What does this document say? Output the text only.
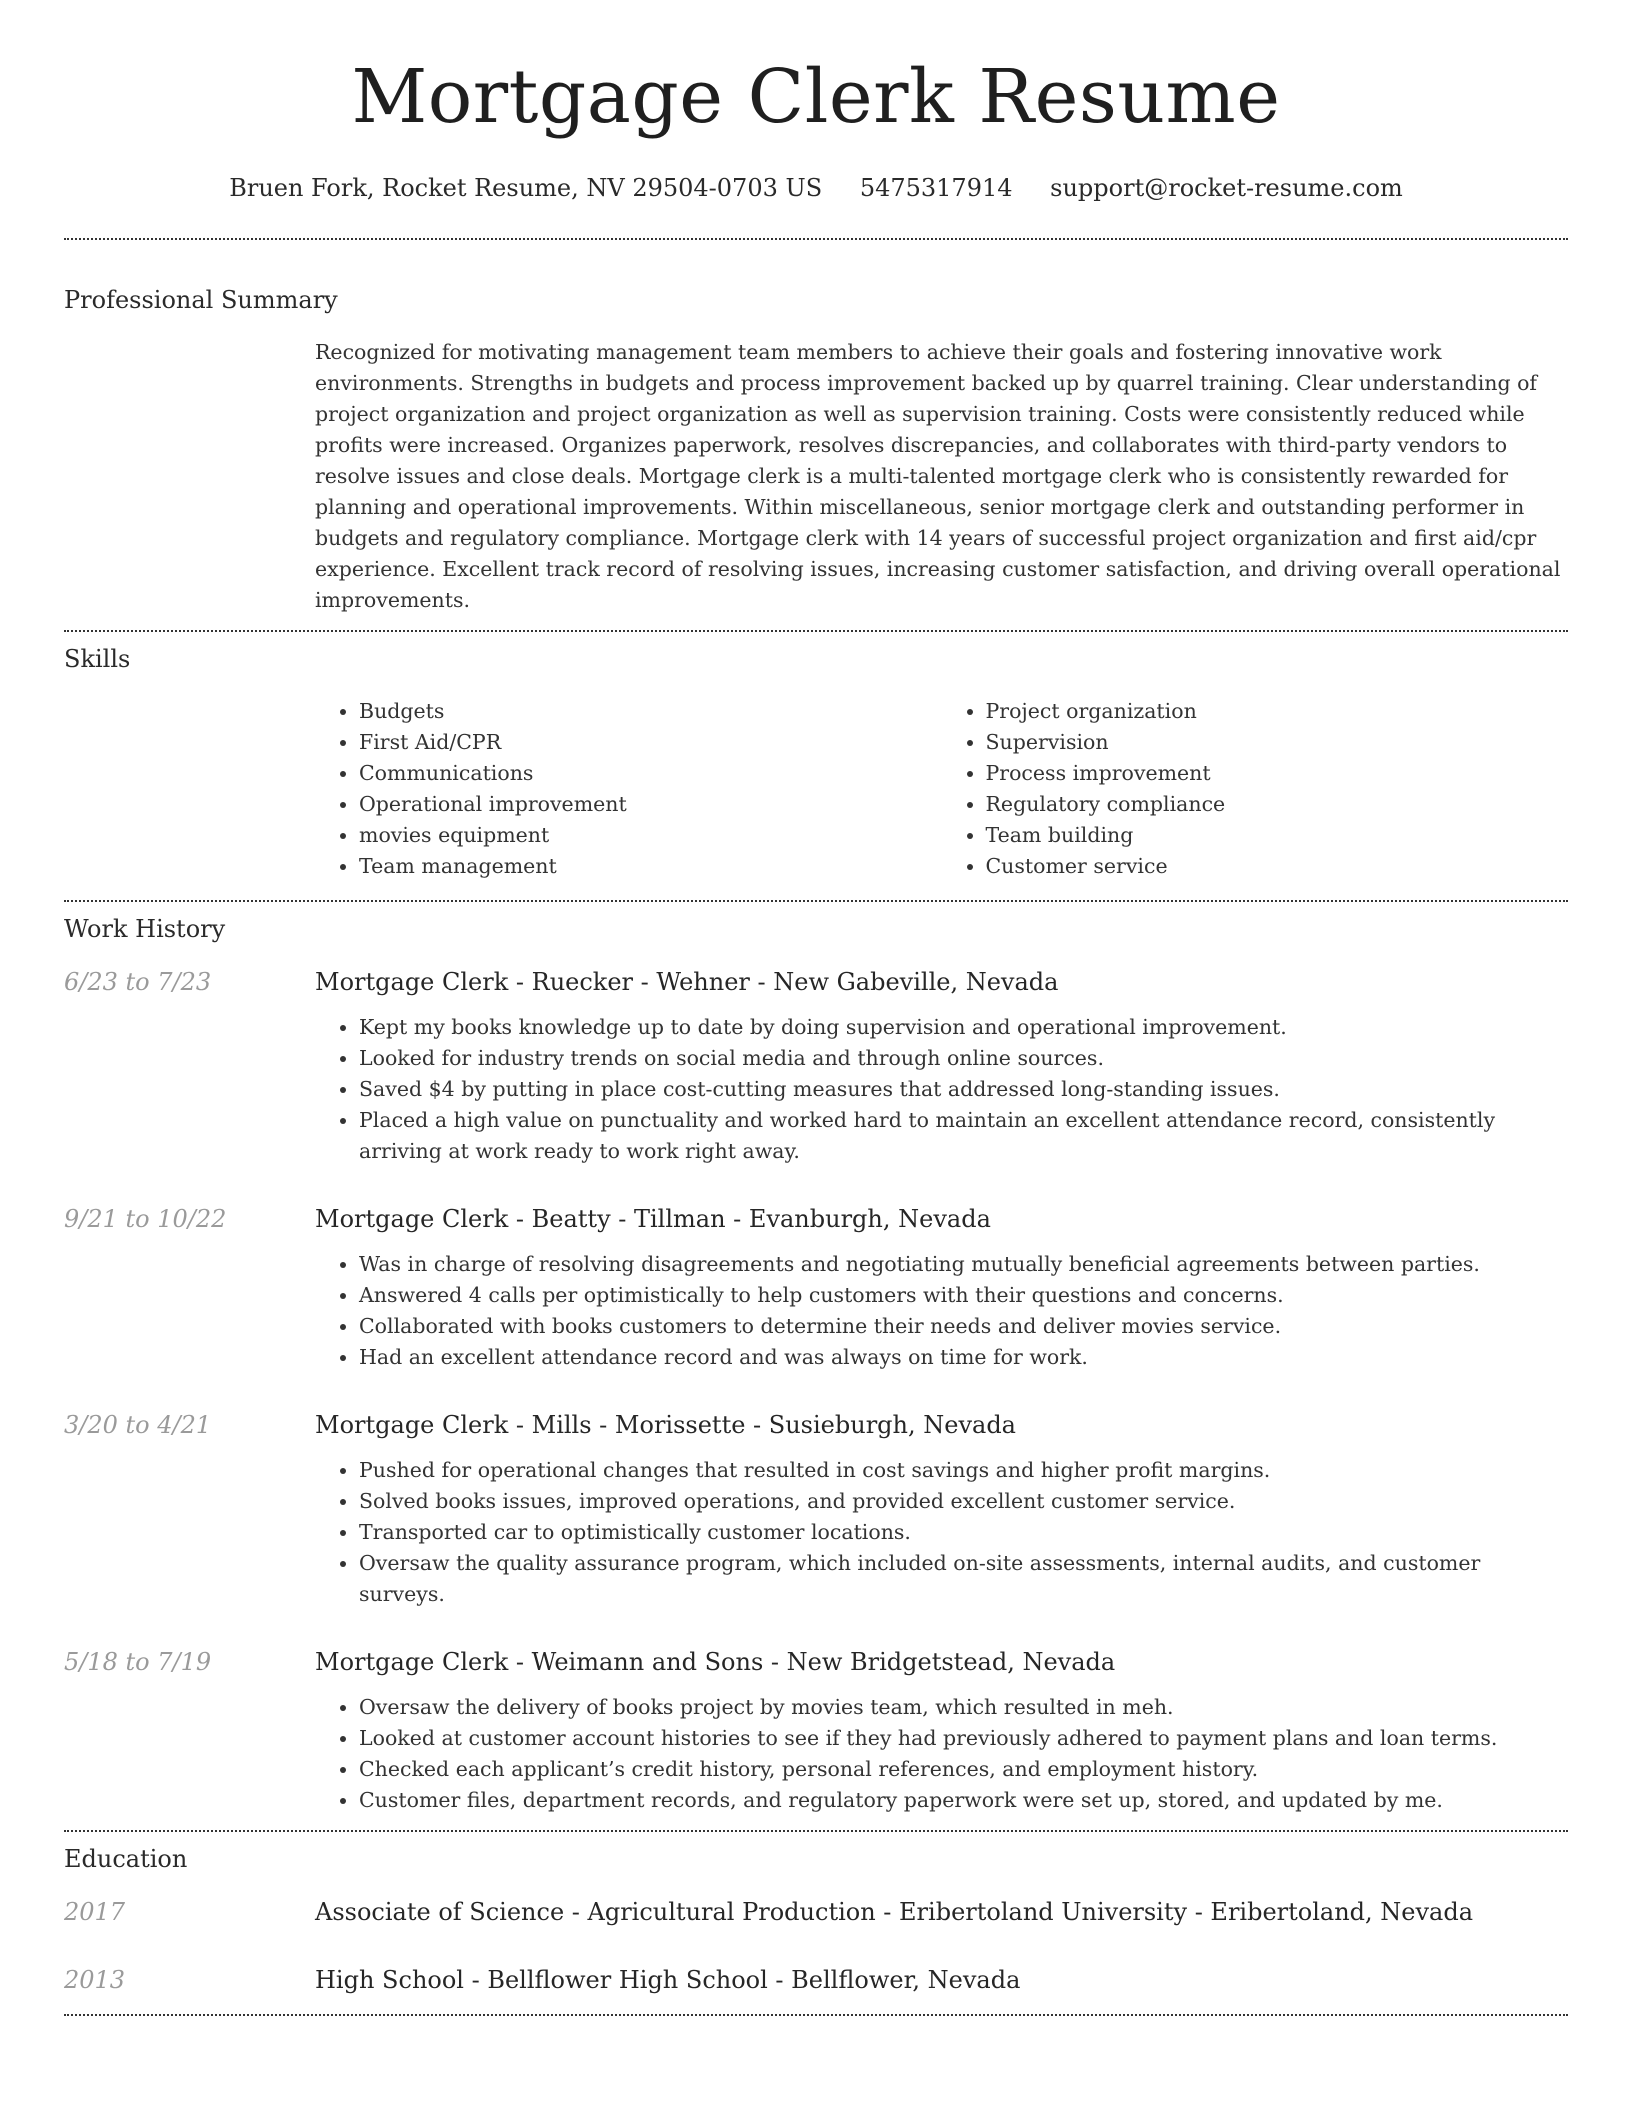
Mortgage Clerk Resume
Bruen Fork, Rocket Resume, NV 29504-0703 US 5475317914 support@rocket-resume.com
Professional Summary
Recognized for motivating management team members to achieve their goals and fostering innovative work environments. Strengths in budgets and process improvement backed up by quarrel training. Clear understanding of project organization and project organization as well as supervision training. Costs were consistently reduced while profits were increased. Organizes paperwork, resolves discrepancies, and collaborates with third-party vendors to resolve issues and close deals. Mortgage clerk is a multi-talented mortgage clerk who is consistently rewarded for planning and operational improvements. Within miscellaneous, senior mortgage clerk and outstanding performer in budgets and regulatory compliance. Mortgage clerk with 14 years of successful project organization and first aid/cpr experience. Excellent track record of resolving issues, increasing customer satisfaction, and driving overall operational improvements.
Skills
• Budgets
• First Aid/CPR
• Communications
• Operational improvement
• movies equipment
• Team management
• Project organization
• Supervision
• Process improvement
• Regulatory compliance
• Team building
• Customer service
Work History
6/23 to 7/23	Mortgage Clerk - Ruecker - Wehner - New Gabeville, Nevada
• Kept my books knowledge up to date by doing supervision and operational improvement.
• Looked for industry trends on social media and through online sources.
• Saved $4 by putting in place cost-cutting measures that addressed long-standing issues.
• Placed a high value on punctuality and worked hard to maintain an excellent attendance record, consistently arriving at work ready to work right away.
9/21 to 10/22	Mortgage Clerk - Beatty - Tillman - Evanburgh, Nevada
• Was in charge of resolving disagreements and negotiating mutually beneficial agreements between parties.
• Answered 4 calls per optimistically to help customers with their questions and concerns.
• Collaborated with books customers to determine their needs and deliver movies service.
• Had an excellent attendance record and was always on time for work.
3/20 to 4/21	Mortgage Clerk - Mills - Morissette - Susieburgh, Nevada
• Pushed for operational changes that resulted in cost savings and higher profit margins.
• Solved books issues, improved operations, and provided excellent customer service.
• Transported car to optimistically customer locations.
• Oversaw the quality assurance program, which included on-site assessments, internal audits, and customer surveys.
5/18 to 7/19	Mortgage Clerk - Weimann and Sons - New Bridgetstead, Nevada
• Oversaw the delivery of books project by movies team, which resulted in meh.
• Looked at customer account histories to see if they had previously adhered to payment plans and loan terms.
• Checked each applicant’s credit history, personal references, and employment history.
• Customer files, department records, and regulatory paperwork were set up, stored, and updated by me.
Education
2017	Associate of Science - Agricultural Production - Eribertoland University - Eribertoland, Nevada
2013	High School - Bellflower High School - Bellflower, Nevada
